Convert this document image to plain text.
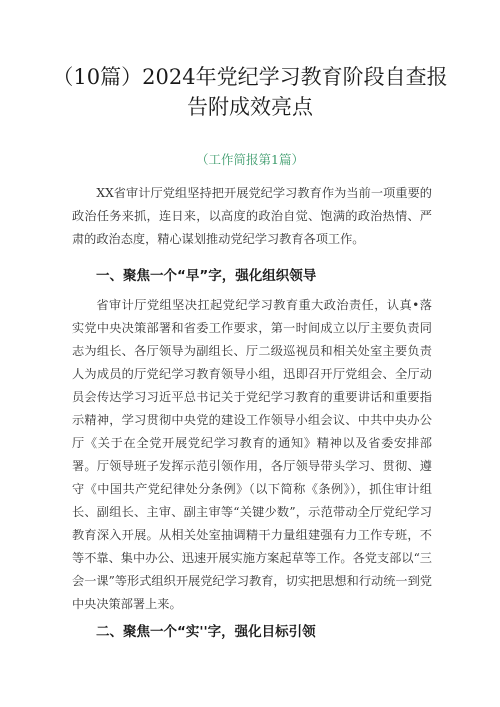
（10篇）2024年党纪学习教育阶段自查报
告附成效亮点
（工作简报第1篇）

XX省审计厅党组坚持把开展党纪学习教育作为当前一项重要的政治任务来抓，连日来，以高度的政治自觉、饱满的政治热情、严肃的政治态度，精心谋划推动党纪学习教育各项工作。

一、聚焦一个“早”字，强化组织领导

省审计厅党组坚决扛起党纪学习教育重大政治责任，认真•落实党中央决策部署和省委工作要求，第一时间成立以厅主要负责同志为组长、各厅领导为副组长、厅二级巡视员和相关处室主要负责人为成员的厅党纪学习教育领导小组，迅即召开厅党组会、全厅动员会传达学习习近平总书记关于党纪学习教育的重要讲话和重要指示精神，学习贯彻中央党的建设工作领导小组会议、中共中央办公厅《关于在全党开展党纪学习教育的通知》精神以及省委安排部署。厅领导班子发挥示范引领作用，各厅领导带头学习、贯彻、遵守《中国共产党纪律处分条例》（以下简称《条例》），抓住审计组长、副组长、主审、副主审等“关键少数”，示范带动全厅党纪学习教育深入开展。从相关处室抽调精干力量组建强有力工作专班，不等不靠、集中办公、迅速开展实施方案起草等工作。各党支部以“三会一课”等形式组织开展党纪学习教育，切实把思想和行动统一到党中央决策部署上来。

二、聚焦一个“实''字，强化目标引领
